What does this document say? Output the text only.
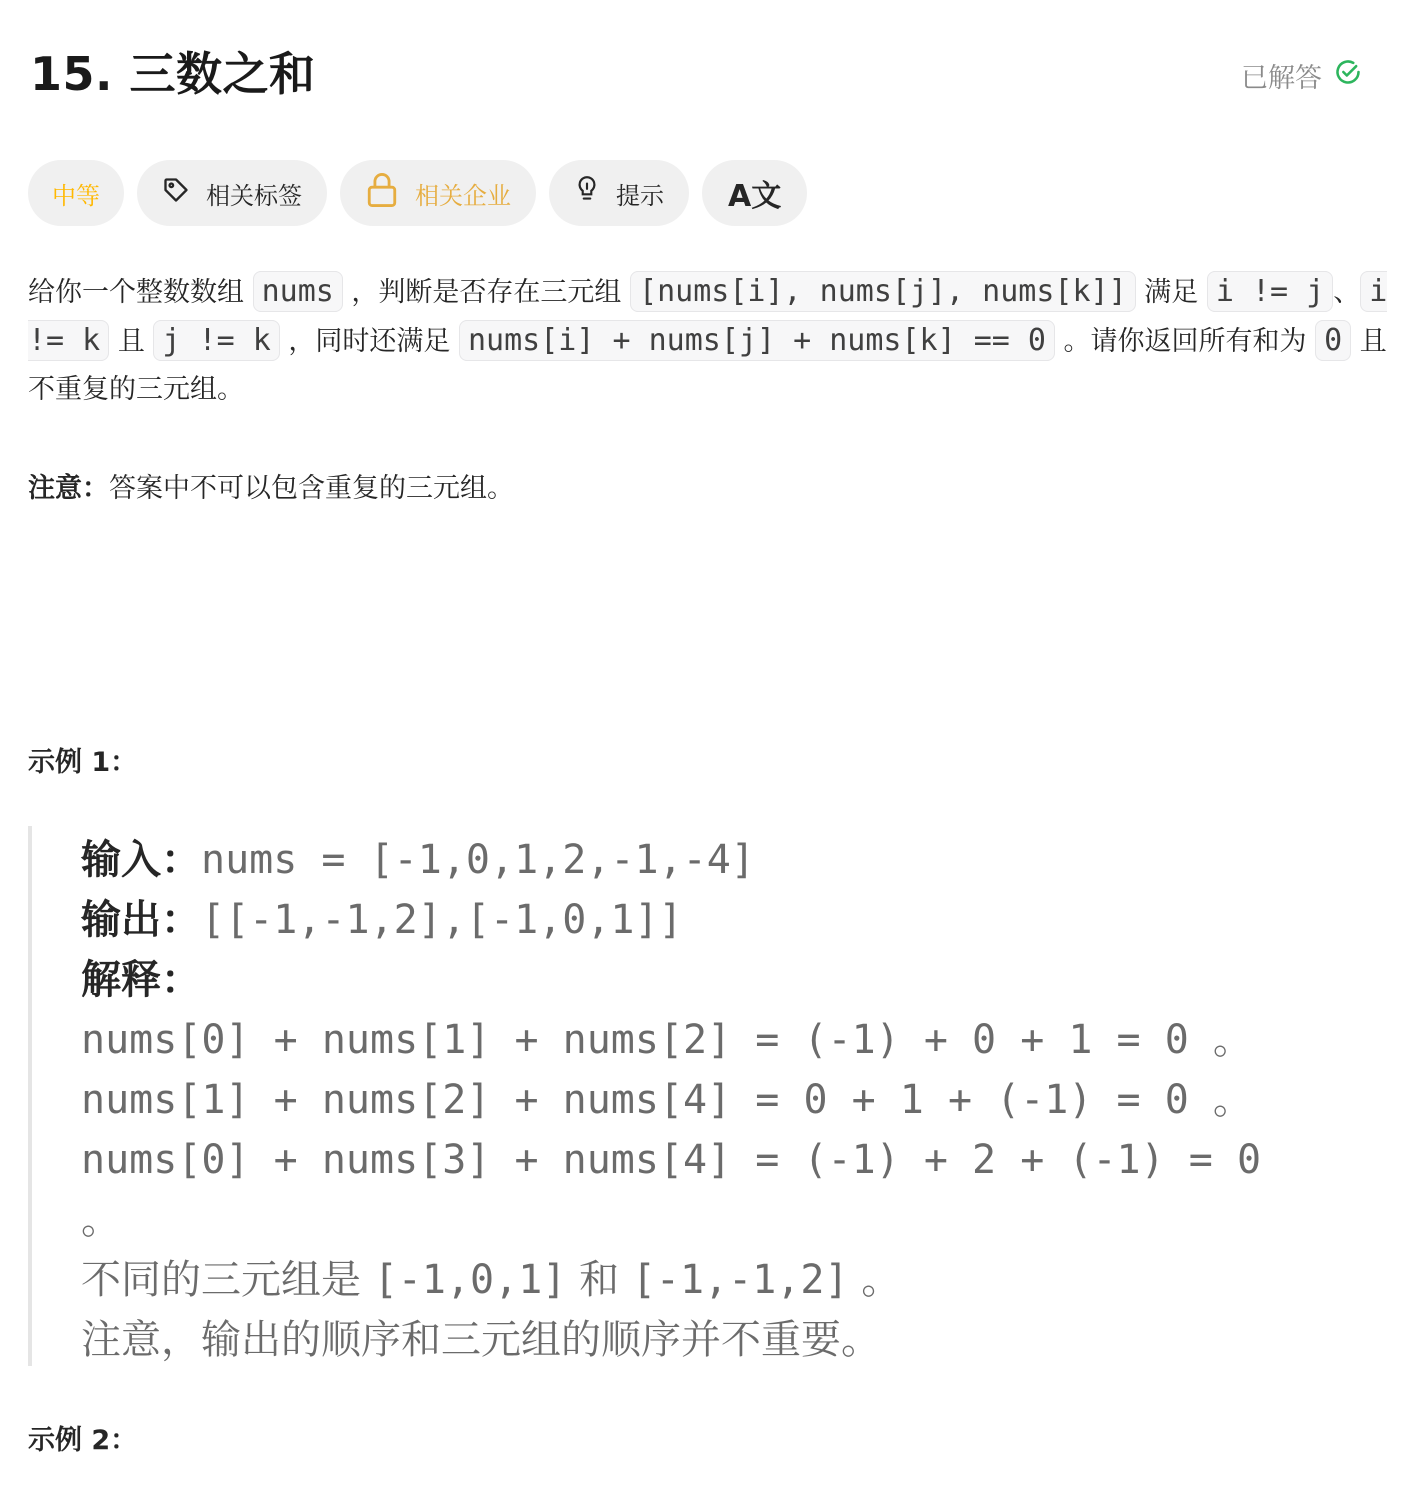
15. 三数之和	已解答
中等	相关标签	相关企业	提示 A文
给你一个整数数组 nums ，判断是否存在三元组 [nums[i], nums[j], nums[k]] 满足 i != j 、 i != k 且 j != k ，同时还满足 nums[i] + nums[j] + nums[k] == 0 。请你返回所有和为 0 且不重复的三元组。
注意：答案中不可以包含重复的三元组。
示例 1：
输入：nums = [-1,0,1,2,-1,-4]
输出：[[-1,-1,2],[-1,0,1]]
解释：
nums[0] + nums[1] + nums[2] = (-1) + 0 + 1 = 0 。
nums[1] + nums[2] + nums[4] = 0 + 1 + (-1) = 0 。
nums[0] + nums[3] + nums[4] = (-1) + 2 + (-1) = 0
。
不同的三元组是 [-1,0,1] 和 [-1,-1,2] 。
注意，输出的顺序和三元组的顺序并不重要。
示例 2：
